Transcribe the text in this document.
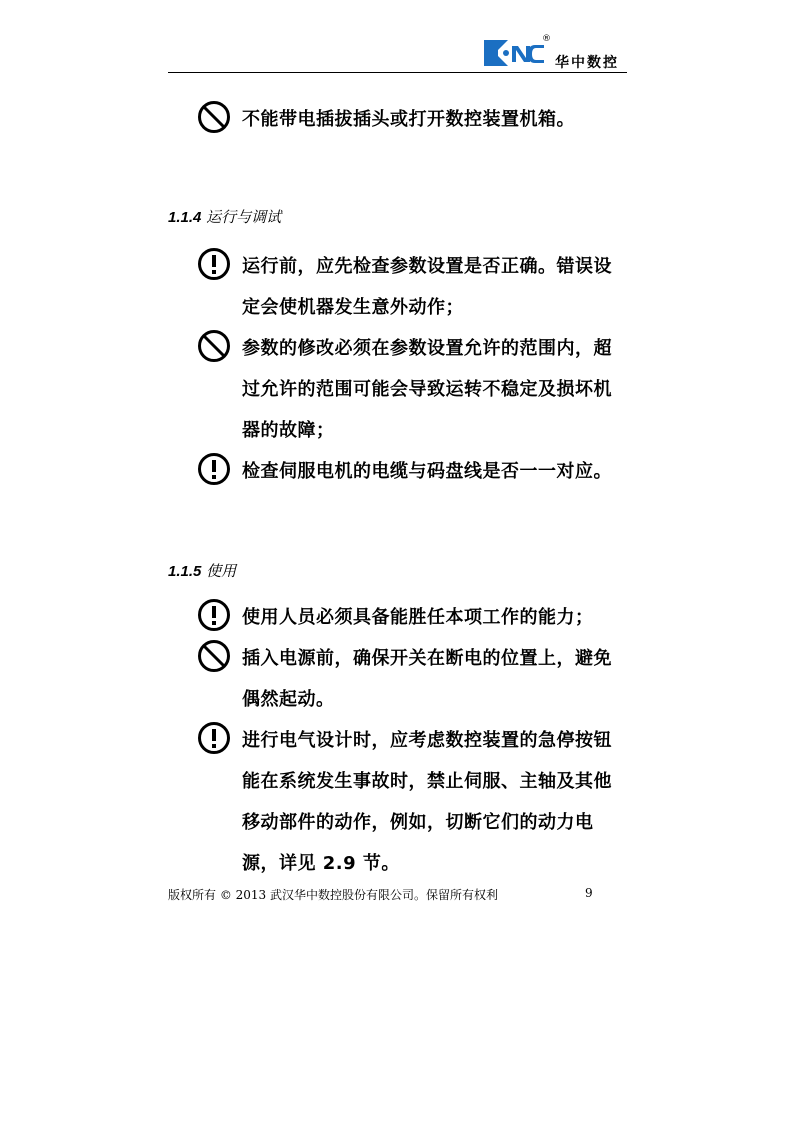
®
华中数控
不能带电插拔插头或打开数控装置机箱。
1.1.4 运行与调试
运行前，应先检查参数设置是否正确。错误设
定会使机器发生意外动作；
参数的修改必须在参数设置允许的范围内，超
过允许的范围可能会导致运转不稳定及损坏机
器的故障；
检查伺服电机的电缆与码盘线是否一一对应。
1.1.5 使用
使用人员必须具备能胜任本项工作的能力；
插入电源前，确保开关在断电的位置上，避免
偶然起动。
进行电气设计时，应考虑数控装置的急停按钮
能在系统发生事故时，禁止伺服、主轴及其他
移动部件的动作，例如，切断它们的动力电
源，详见 2.9 节。
版权所有 © 2013 武汉华中数控股份有限公司。保留所有权利	9
